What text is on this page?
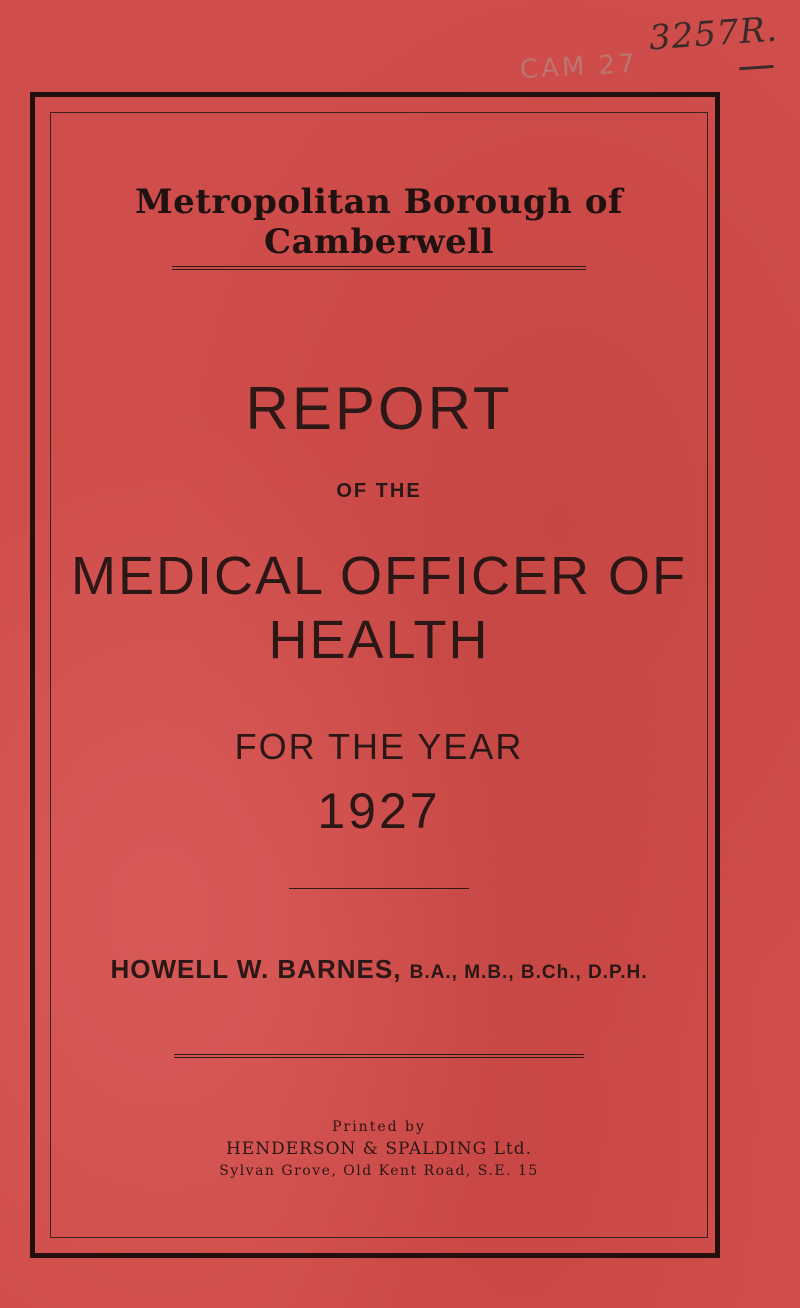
3257R.
CAM 27
Metropolitan Borough of Camberwell
REPORT
OF THE
MEDICAL OFFICER OF
HEALTH
FOR THE YEAR
1927
HOWELL W. BARNES, B.A., M.B., B.Ch., D.P.H.
Printed by
HENDERSON & SPALDING Ltd.
Sylvan Grove, Old Kent Road, S.E. 15
